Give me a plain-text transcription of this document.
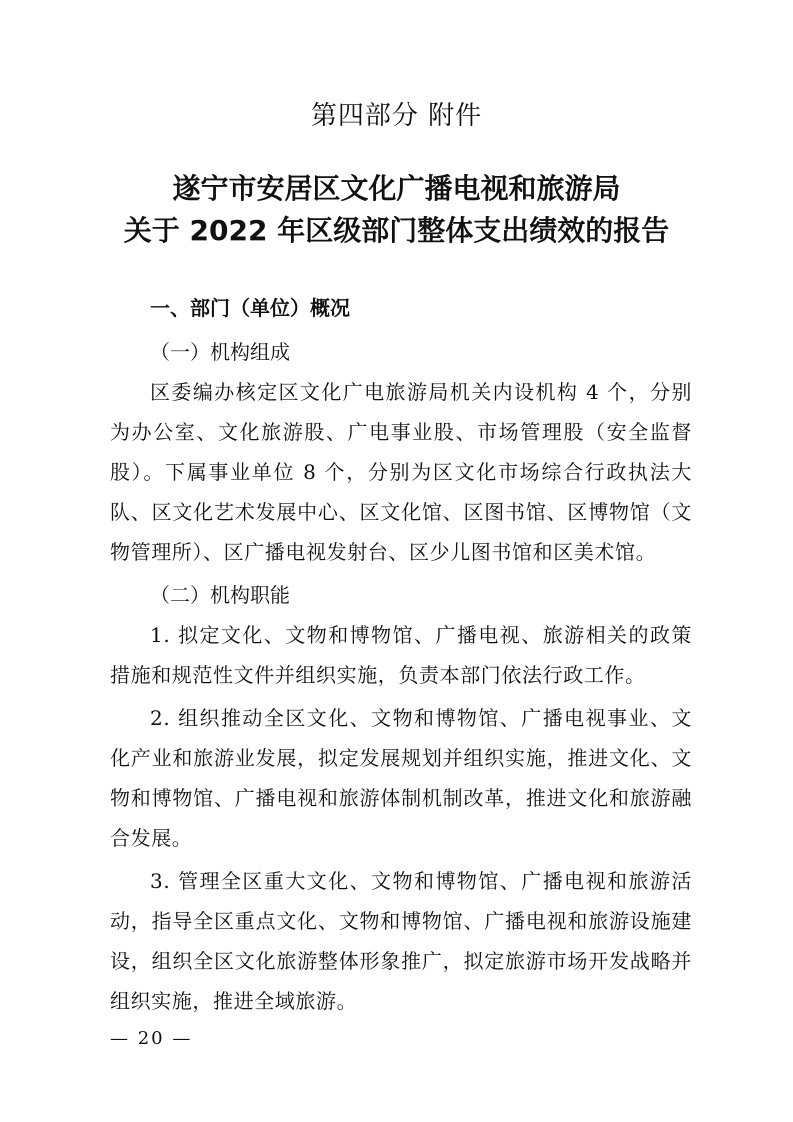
第四部分 附件
遂宁市安居区文化广播电视和旅游局
关于 2022 年区级部门整体支出绩效的报告

一、部门（单位）概况

（一）机构组成

区委编办核定区文化广电旅游局机关内设机构 4 个，分别为办公室、文化旅游股、广电事业股、市场管理股（安全监督股）。下属事业单位 8 个，分别为区文化市场综合行政执法大队、区文化艺术发展中心、区文化馆、区图书馆、区博物馆（文物管理所）、区广播电视发射台、区少儿图书馆和区美术馆。

（二）机构职能

1. 拟定文化、文物和博物馆、广播电视、旅游相关的政策措施和规范性文件并组织实施，负责本部门依法行政工作。

2. 组织推动全区文化、文物和博物馆、广播电视事业、文化产业和旅游业发展，拟定发展规划并组织实施，推进文化、文物和博物馆、广播电视和旅游体制机制改革，推进文化和旅游融合发展。

3. 管理全区重大文化、文物和博物馆、广播电视和旅游活动，指导全区重点文化、文物和博物馆、广播电视和旅游设施建设，组织全区文化旅游整体形象推广，拟定旅游市场开发战略并组织实施，推进全域旅游。

— 20 —
